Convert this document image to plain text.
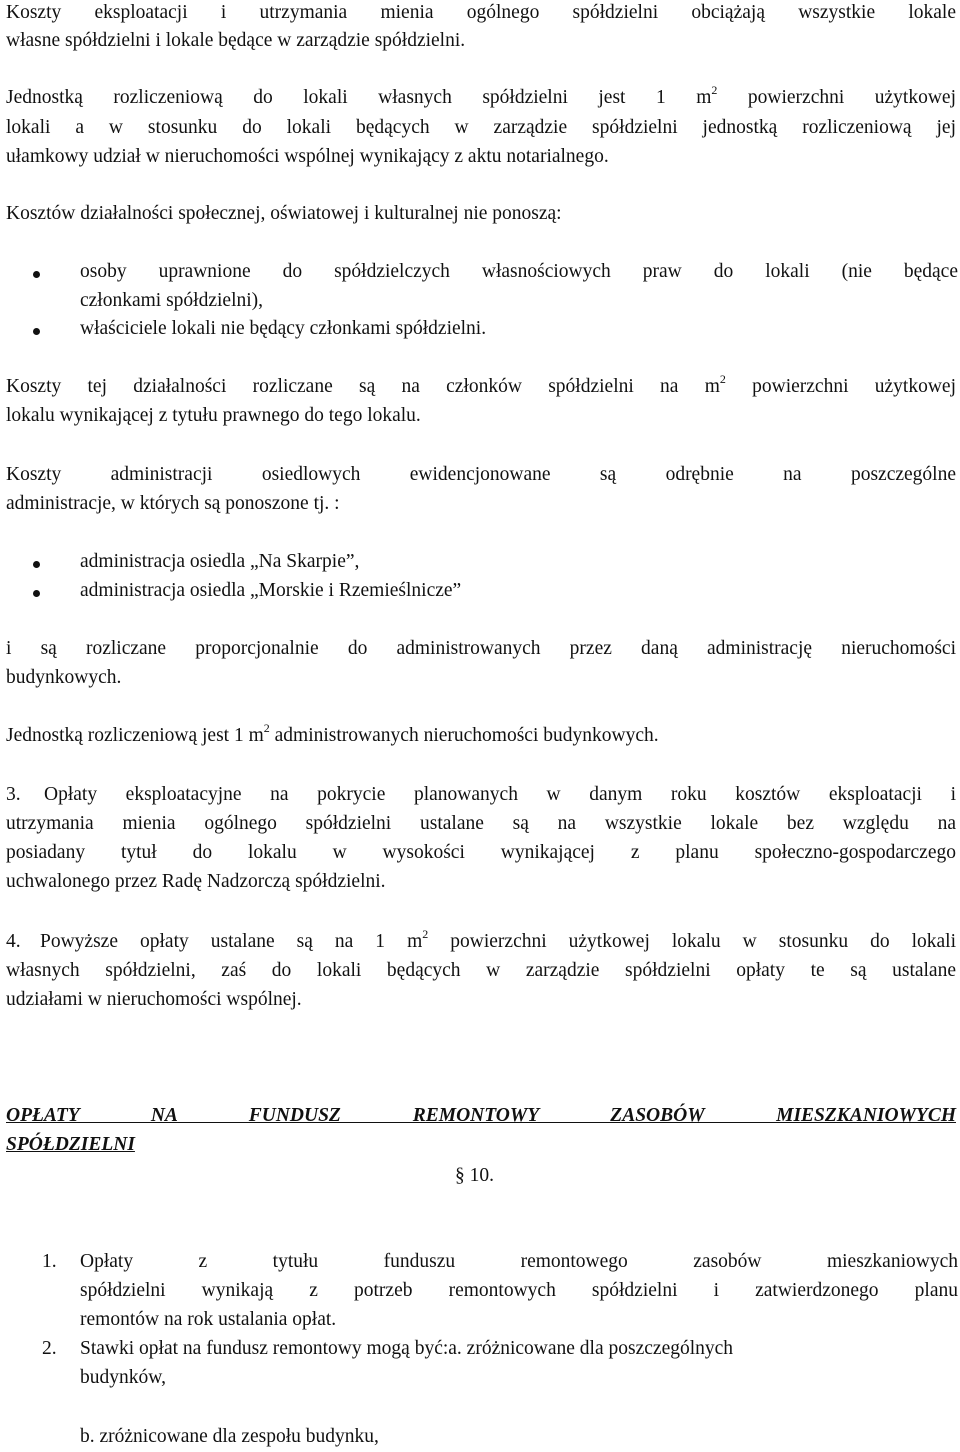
Koszty eksploatacji i utrzymania mienia ogólnego spółdzielni obciążają wszystkie lokale

własne spółdzielni i lokale będące w zarządzie spółdzielni.

Jednostką rozliczeniową do lokali własnych spółdzielni jest 1 $m^2$ powierzchni użytkowej

lokali a w stosunku do lokali będących w zarządzie spółdzielni jednostką rozliczeniową jej

ułamkowy udział w nieruchomości wspólnej wynikający z aktu notarialnego.

Kosztów działalności społecznej, oświatowej i kulturalnej nie ponoszą:

osoby uprawnione do spółdzielczych własnościowych praw do lokali (nie będące

członkami spółdzielni),

właściciele lokali nie będący członkami spółdzielni.

Koszty tej działalności rozliczane są na członków spółdzielni na $m^2$ powierzchni użytkowej

lokalu wynikającej z tytułu prawnego do tego lokalu.

Koszty administracji osiedlowych ewidencjonowane są odrębnie na poszczególne

administracje, w których są ponoszone tj. :

administracja osiedla „Na Skarpie”,

administracja osiedla „Morskie i Rzemieślnicze”

i są rozliczane proporcjonalnie do administrowanych przez daną administrację nieruchomości

budynkowych.

Jednostką rozliczeniową jest 1 $m^2$ administrowanych nieruchomości budynkowych.

3. Opłaty eksploatacyjne na pokrycie planowanych w danym roku kosztów eksploatacji i

utrzymania mienia ogólnego spółdzielni ustalane są na wszystkie lokale bez względu na

posiadany tytuł do lokalu w wysokości wynikającej z planu społeczno-gospodarczego

uchwalonego przez Radę Nadzorczą spółdzielni.

4. Powyższe opłaty ustalane są na 1 $m^2$ powierzchni użytkowej lokalu w stosunku do lokali

własnych spółdzielni, zaś do lokali będących w zarządzie spółdzielni opłaty te są ustalane

udziałami w nieruchomości wspólnej.

OPŁATY NA FUNDUSZ REMONTOWY ZASOBÓW MIESZKANIOWYCH

SPÓŁDZIELNI

§ 10.
1. Opłaty z tytułu funduszu remontowego zasobów mieszkaniowych

spółdzielni wynikają z potrzeb remontowych spółdzielni i zatwierdzonego planu

remontów na rok ustalania opłat.

2. Stawki opłat na fundusz remontowy mogą być:a. zróżnicowane dla poszczególnych

budynków,

b. zróżnicowane dla zespołu budynku,
